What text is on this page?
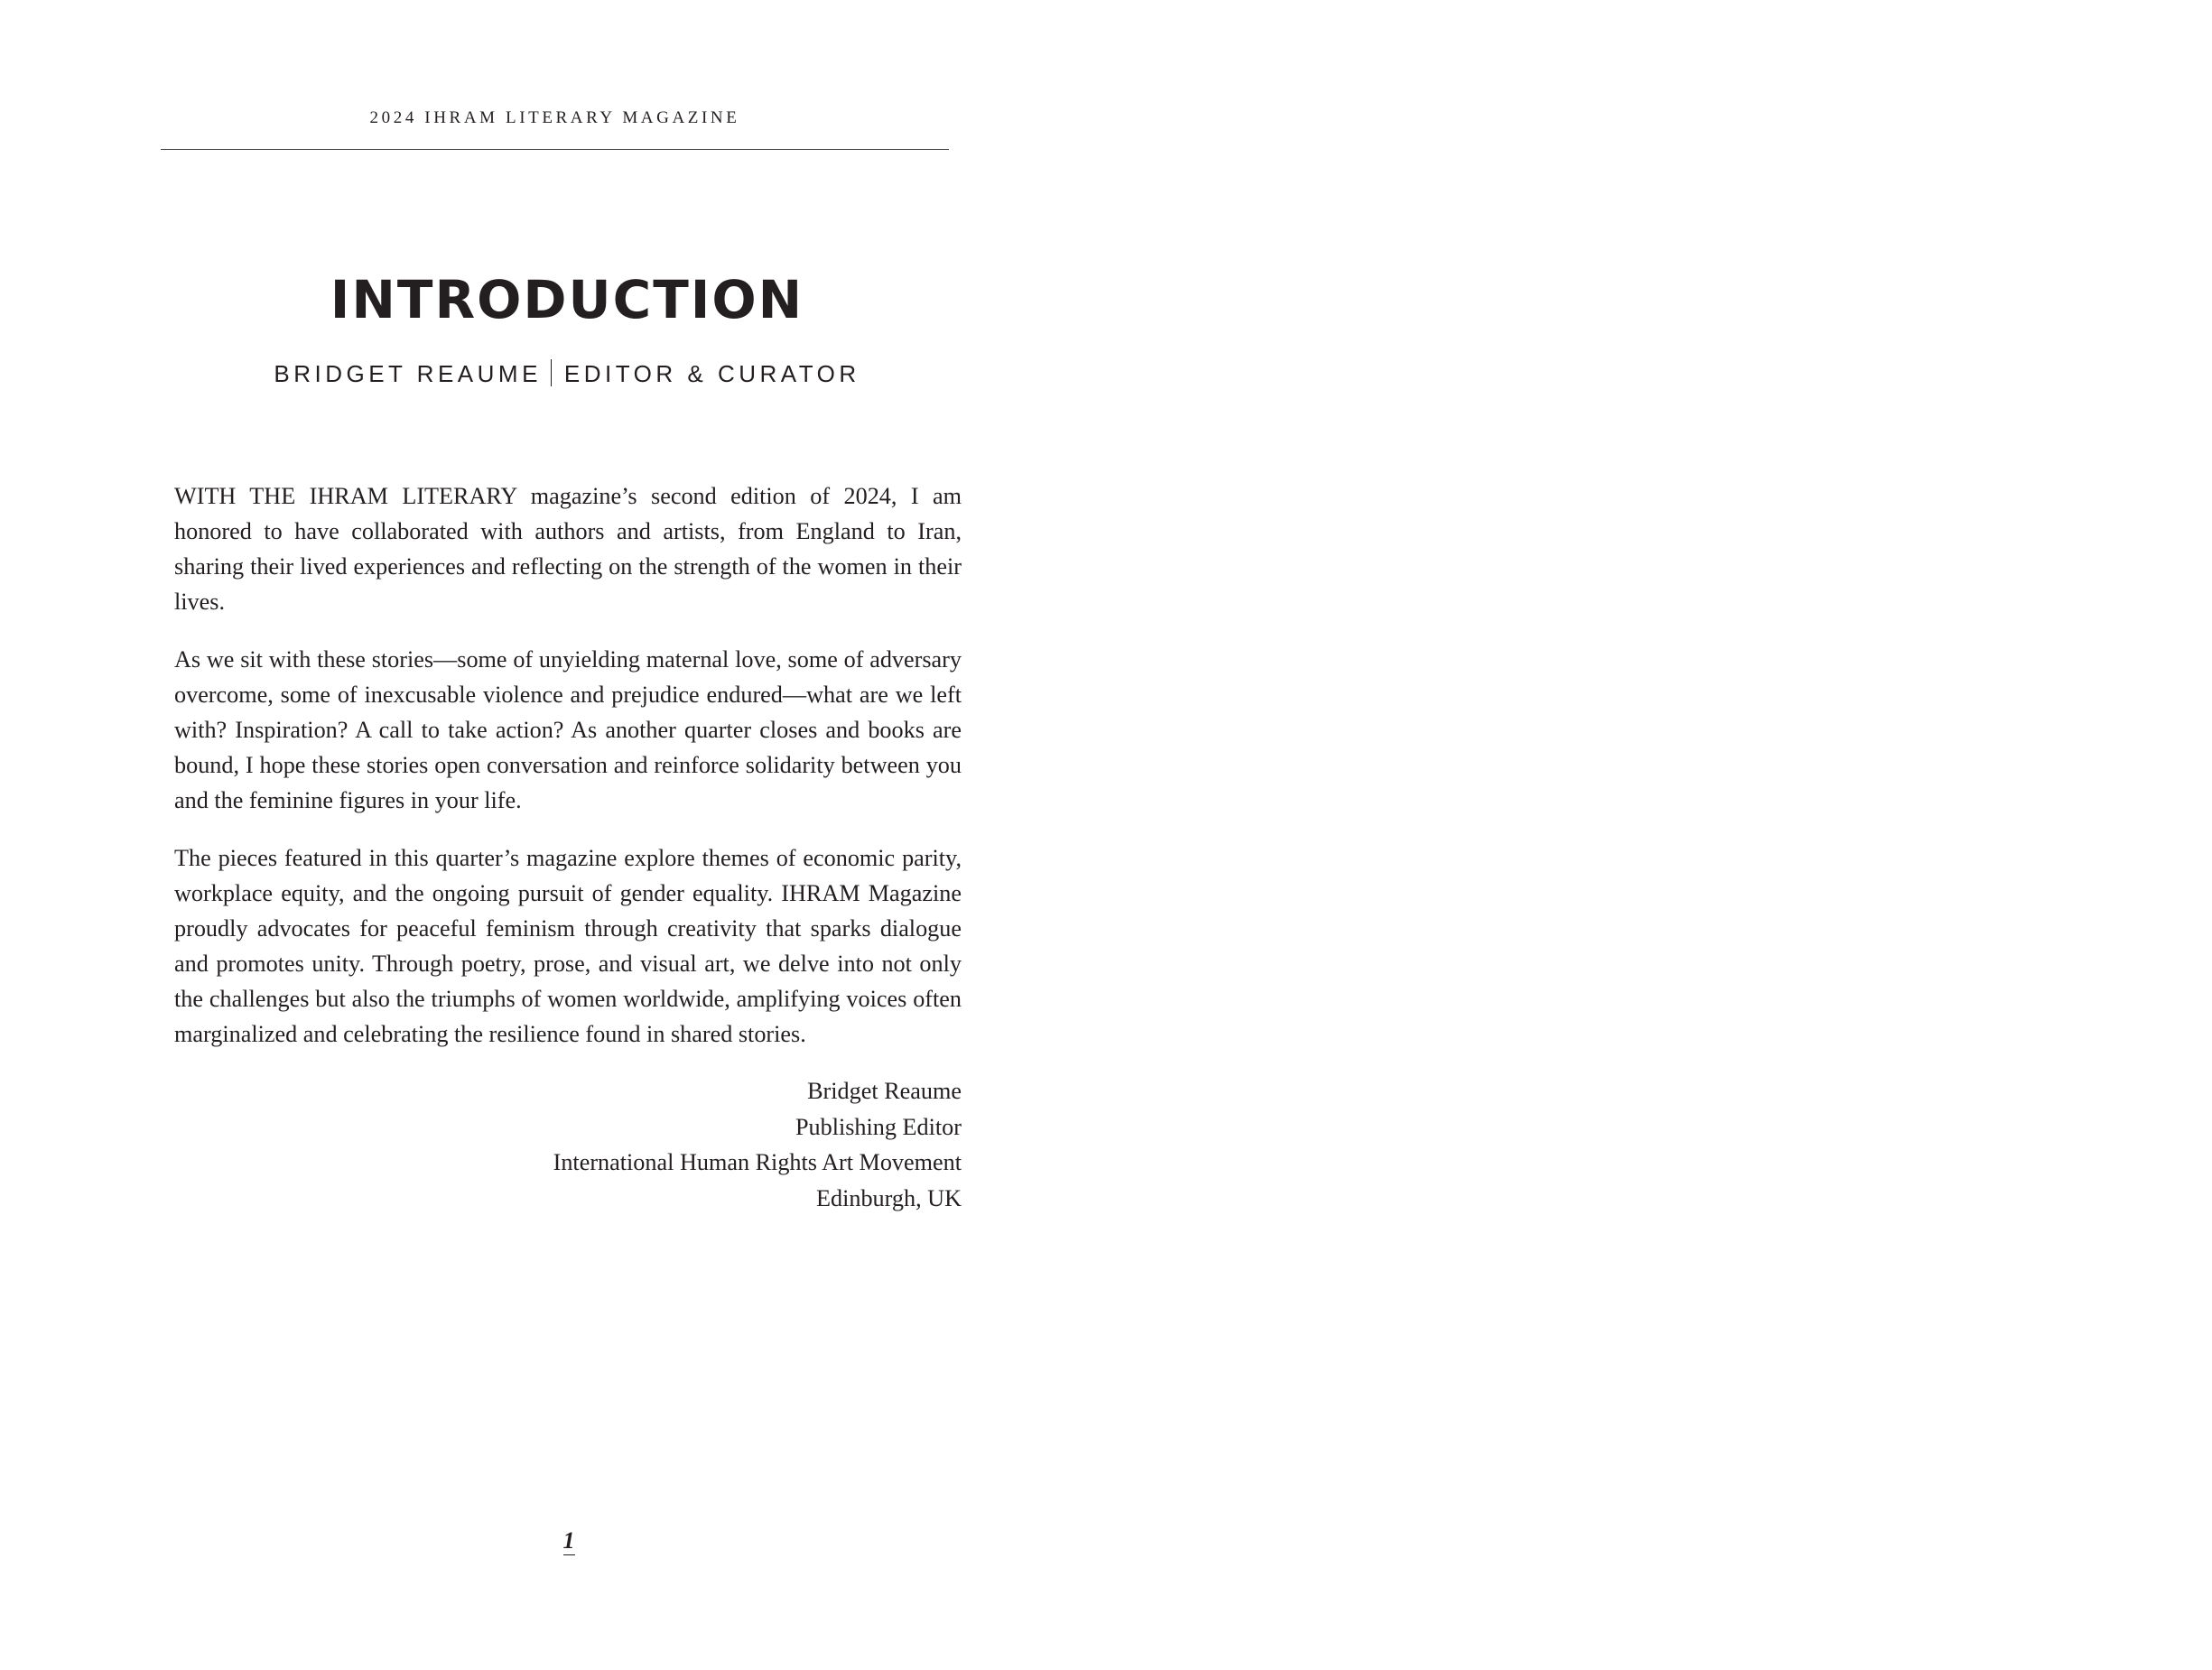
2024 IHRAM LITERARY MAGAZINE
INTRODUCTION
BRIDGET REAUME EDITOR & CURATOR

WITH THE IHRAM LITERARY magazine’s second edition of 2024, I am honored to have collaborated with authors and artists, from England to Iran, sharing their lived experiences and reflecting on the strength of the women in their lives.

As we sit with these stories—some of unyielding maternal love, some of adversary overcome, some of inexcusable violence and prejudice endured—what are we left with? Inspiration? A call to take action? As another quarter closes and books are bound, I hope these stories open conversation and reinforce solidarity between you and the feminine figures in your life.

The pieces featured in this quarter’s magazine explore themes of economic parity, workplace equity, and the ongoing pursuit of gender equality. IHRAM Magazine proudly advocates for peaceful feminism through creativity that sparks dialogue and promotes unity. Through poetry, prose, and visual art, we delve into not only the challenges but also the triumphs of women worldwide, amplifying voices often marginalized and celebrating the resilience found in shared stories.

Bridget Reaume
Publishing Editor
International Human Rights Art Movement
Edinburgh, UK
1
